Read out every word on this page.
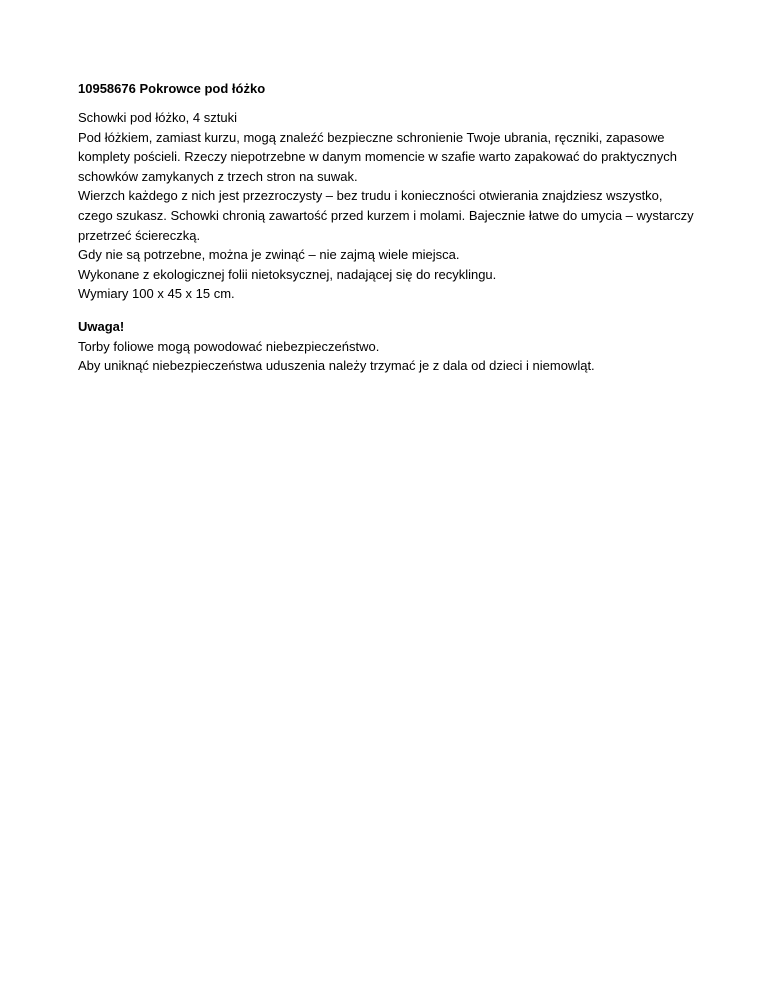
10958676 Pokrowce pod łóżko
Schowki pod łóżko, 4 sztuki
Pod łóżkiem, zamiast kurzu, mogą znaleźć bezpieczne schronienie Twoje ubrania, ręczniki, zapasowe komplety pościeli. Rzeczy niepotrzebne w danym momencie w szafie warto zapakować do praktycznych schowków zamykanych z trzech stron na suwak.
Wierzch każdego z nich jest przezroczysty – bez trudu i konieczności otwierania znajdziesz wszystko, czego szukasz. Schowki chronią zawartość przed kurzem i molami. Bajecznie łatwe do umycia – wystarczy przetrzeć ściereczką.
Gdy nie są potrzebne, można je zwinąć – nie zajmą wiele miejsca.
Wykonane z ekologicznej folii nietoksycznej, nadającej się do recyklingu.
Wymiary 100 x 45 x 15 cm.
Uwaga!
Torby foliowe mogą powodować niebezpieczeństwo.
Aby uniknąć niebezpieczeństwa uduszenia należy trzymać je z dala od dzieci i niemowląt.
